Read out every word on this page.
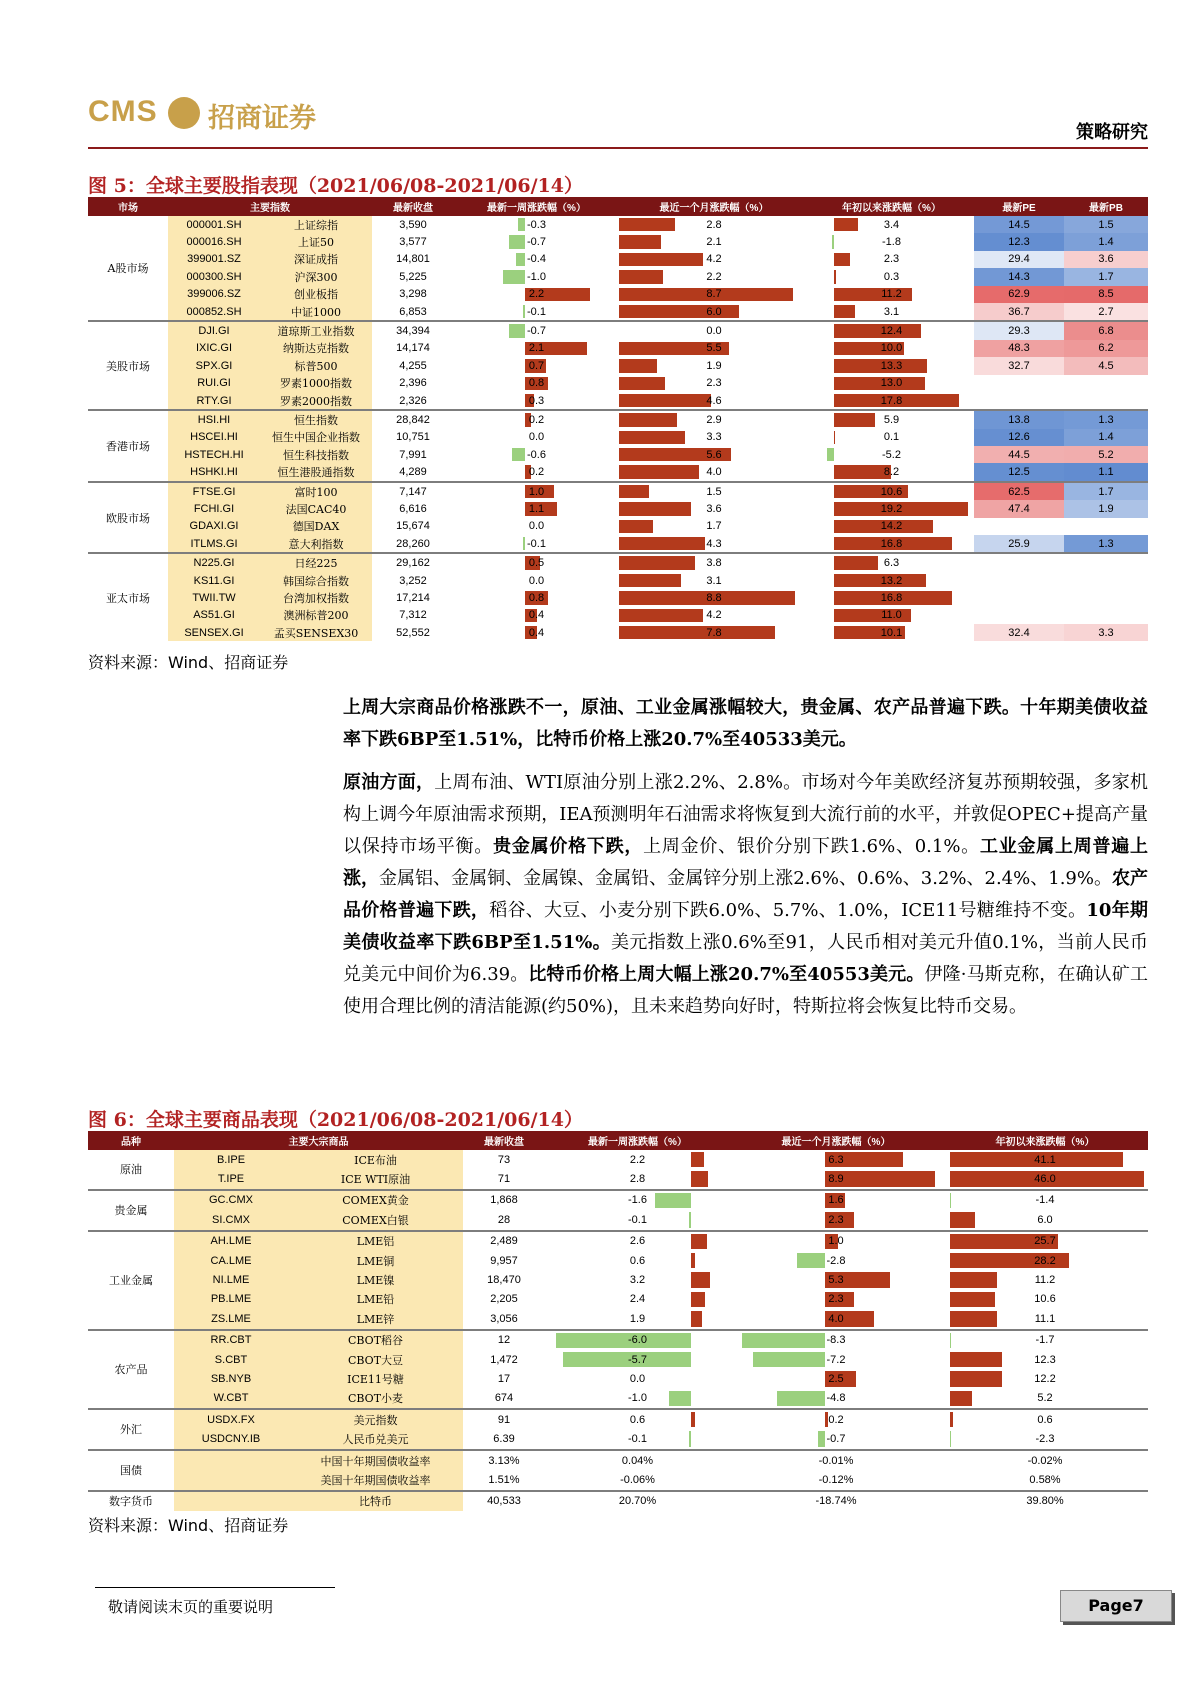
CMS 招商证券	策略研究
图 5：全球主要股指表现（2021/06/08-2021/06/14）
市场	主要指数		最新收盘	最新一周涨跌幅（%）	最近一个月涨跌幅（%）	年初以来涨跌幅（%）	最新PE	最新PB
A股市场	000001.SH	上证综指	3,590	-0.3	2.8	3.4	14.5	1.5
	000016.SH	上证50	3,577	-0.7	2.1	-1.8	12.3	1.4
	399001.SZ	深证成指	14,801	-0.4	4.2	2.3	29.4	3.6
	000300.SH	沪深300	5,225	-1.0	2.2	0.3	14.3	1.7
	399006.SZ	创业板指	3,298	2.2	8.7	11.2	62.9	8.5
	000852.SH	中证1000	6,853	-0.1	6.0	3.1	36.7	2.7
美股市场	DJI.GI	道琼斯工业指数	34,394	-0.7	0.0	12.4	29.3	6.8
	IXIC.GI	纳斯达克指数	14,174	2.1	5.5	10.0	48.3	6.2
	SPX.GI	标普500	4,255	0.7	1.9	13.3	32.7	4.5
	RUI.GI	罗素1000指数	2,396	0.8	2.3	13.0		
	RTY.GI	罗素2000指数	2,326	0.3	4.6	17.8		
香港市场	HSI.HI	恒生指数	28,842	0.2	2.9	5.9	13.8	1.3
	HSCEI.HI	恒生中国企业指数	10,751	0.0	3.3	0.1	12.6	1.4
	HSTECH.HI	恒生科技指数	7,991	-0.6	5.6	-5.2	44.5	5.2
	HSHKI.HI	恒生港股通指数	4,289	0.2	4.0	8.2	12.5	1.1
欧股市场	FTSE.GI	富时100	7,147	1.0	1.5	10.6	62.5	1.7
	FCHI.GI	法国CAC40	6,616	1.1	3.6	19.2	47.4	1.9
	GDAXI.GI	德国DAX	15,674	0.0	1.7	14.2		
	ITLMS.GI	意大利指数	28,260	-0.1	4.3	16.8	25.9	1.3
亚太市场	N225.GI	日经225	29,162	0.5	3.8	6.3		
	KS11.GI	韩国综合指数	3,252	0.0	3.1	13.2		
	TWII.TW	台湾加权指数	17,214	0.8	8.8	16.8		
	AS51.GI	澳洲标普200	7,312	0.4	4.2	11.0		
	SENSEX.GI	孟买SENSEX30	52,552	0.4	7.8	10.1	32.4	3.3
资料来源：Wind、招商证券
上周大宗商品价格涨跌不一，原油、工业金属涨幅较大，贵金属、农产品普遍下跌。十年期美债收益率下跌6BP至1.51%，比特币价格上涨20.7%至40533美元。
原油方面，上周布油、WTI原油分别上涨2.2%、2.8%。市场对今年美欧经济复苏预期较强，多家机构上调今年原油需求预期，IEA预测明年石油需求将恢复到大流行前的水平，并敦促OPEC+提高产量以保持市场平衡。贵金属价格下跌，上周金价、银价分别下跌1.6%、0.1%。工业金属上周普遍上涨，金属铝、金属铜、金属镍、金属铅、金属锌分别上涨2.6%、0.6%、3.2%、2.4%、1.9%。农产品价格普遍下跌，稻谷、大豆、小麦分别下跌6.0%、5.7%、1.0%，ICE11号糖维持不变。10年期美债收益率下跌6BP至1.51%。美元指数上涨0.6%至91，人民币相对美元升值0.1%，当前人民币兑美元中间价为6.39。比特币价格上周大幅上涨20.7%至40553美元。伊隆·马斯克称，在确认矿工使用合理比例的清洁能源(约50%)，且未来趋势向好时，特斯拉将会恢复比特币交易。
图 6：全球主要商品表现（2021/06/08-2021/06/14）
品种	主要大宗商品		最新收盘	最新一周涨跌幅（%）	最近一个月涨跌幅（%）	年初以来涨跌幅（%）
原油	B.IPE	ICE布油	73	2.2	6.3	41.1
	T.IPE	ICE WTI原油	71	2.8	8.9	46.0
贵金属	GC.CMX	COMEX黄金	1,868	-1.6	1.6	-1.4
	SI.CMX	COMEX白银	28	-0.1	2.3	6.0
工业金属	AH.LME	LME铝	2,489	2.6	1.0	25.7
	CA.LME	LME铜	9,957	0.6	-2.8	28.2
	NI.LME	LME镍	18,470	3.2	5.3	11.2
	PB.LME	LME铅	2,205	2.4	2.3	10.6
	ZS.LME	LME锌	3,056	1.9	4.0	11.1
农产品	RR.CBT	CBOT稻谷	12	-6.0	-8.3	-1.7
	S.CBT	CBOT大豆	1,472	-5.7	-7.2	12.3
	SB.NYB	ICE11号糖	17	0.0	2.5	12.2
	W.CBT	CBOT小麦	674	-1.0	-4.8	5.2
外汇	USDX.FX	美元指数	91	0.6	0.2	0.6
	USDCNY.IB	人民币兑美元	6.39	-0.1	-0.7	-2.3
国债		中国十年期国债收益率	3.13%	0.04%	-0.01%	-0.02%
		美国十年期国债收益率	1.51%	-0.06%	-0.12%	0.58%
数字货币		比特币	40,533	20.70%	-18.74%	39.80%
资料来源：Wind、招商证券
敬请阅读末页的重要说明	Page7
